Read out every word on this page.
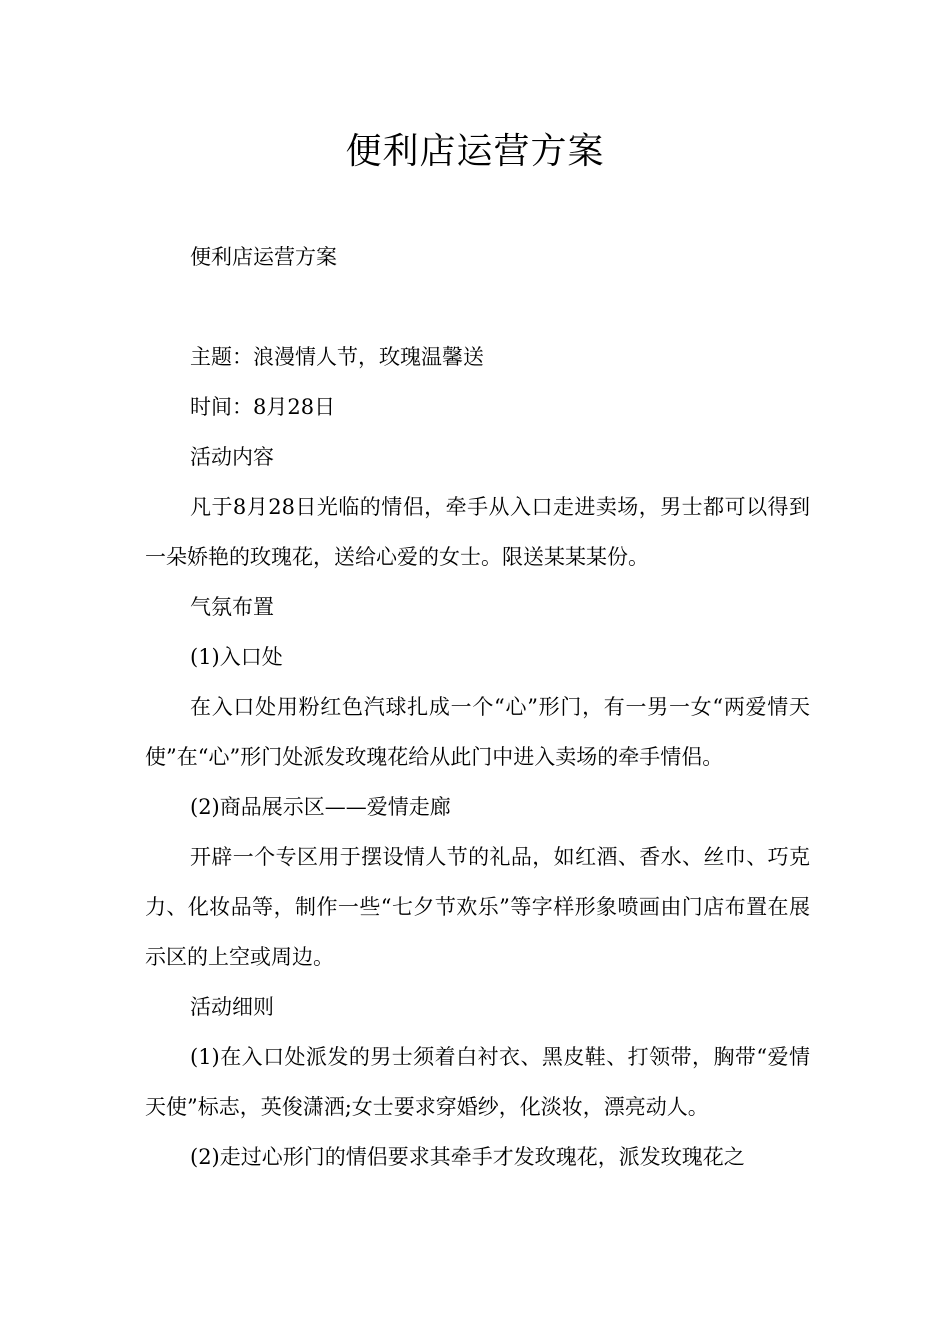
便利店运营方案

便利店运营方案

主题：浪漫情人节，玫瑰温馨送

时间：8月28日

活动内容

凡于8月28日光临的情侣，牵手从入口走进卖场，男士都可以得到一朵娇艳的玫瑰花，送给心爱的女士。限送某某某份。

气氛布置

(1)入口处

在入口处用粉红色汽球扎成一个“心”形门，有一男一女“两爱情天使”在“心”形门处派发玫瑰花给从此门中进入卖场的牵手情侣。

(2)商品展示区——爱情走廊

开辟一个专区用于摆设情人节的礼品，如红酒、香水、丝巾、巧克力、化妆品等，制作一些“七夕节欢乐”等字样形象喷画由门店布置在展示区的上空或周边。

活动细则

(1)在入口处派发的男士须着白衬衣、黑皮鞋、打领带，胸带“爱情天使”标志，英俊潇洒;女士要求穿婚纱，化淡妆，漂亮动人。

(2)走过心形门的情侣要求其牵手才发玫瑰花，派发玫瑰花之
